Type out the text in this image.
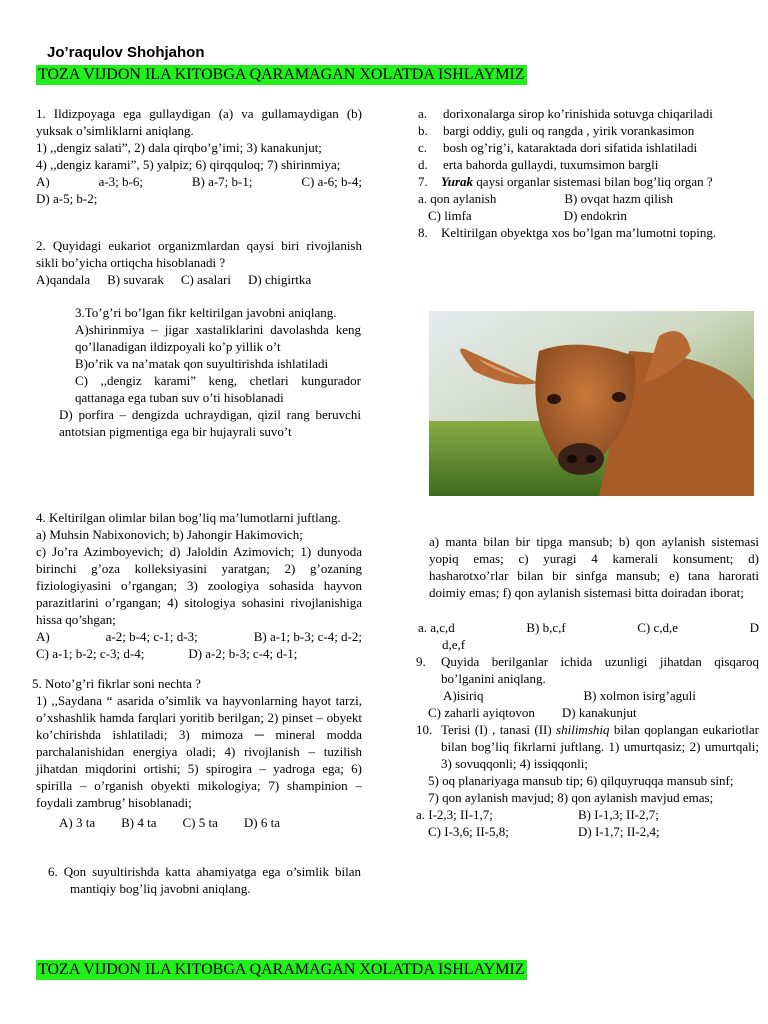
Jo’raqulov Shohjahon
TOZA VIJDON ILA KITOBGA QARAMAGAN XOLATDA ISHLAYMIZ
1. Ildizpoyaga ega gullaydigan (a) va gullamaydigan (b) yuksak o’simliklarni aniqlang.
1) ,,dengiz salati”, 2) dala qirqbo’g’imi; 3) kanakunjut;
4) ,,dengiz karami”, 5) yalpiz; 6) qirqquloq; 7) shirinmiya;
A)	a-3; b-6;	B) a-7; b-1;	C) a-6; b-4;
D) a-5; b-2;
2. Quyidagi eukariot organizmlardan qaysi biri rivojlanish sikli bo’yicha ortiqcha hisoblanadi ?
A)qandala B) suvarak C) asalari D) chigirtka
3.To’g’ri bo’lgan fikr keltirilgan javobni aniqlang.
A)shirinmiya – jigar xastaliklarini davolashda keng qo’llanadigan ildizpoyali ko’p yillik o’t
B)o’rik va na’matak qon suyultirishda ishlatiladi
C) ,,dengiz karami” keng, chetlari kungurador qattanaga ega tuban suv o’ti hisoblanadi
D) porfira – dengizda uchraydigan, qizil rang beruvchi antotsian pigmentiga ega bir hujayrali suvo’t
4. Keltirilgan olimlar bilan bog’liq ma’lumotlarni juftlang.
a) Muhsin Nabixonovich; b) Jahongir Hakimovich;
c) Jo’ra Azimboyevich; d) Jaloldin Azimovich; 1) dunyoda birinchi g’oza kolleksiyasini yaratgan; 2) g’ozaning fiziologiyasini o’rgangan; 3) zoologiya sohasida hayvon parazitlarini o’rgangan; 4) sitologiya sohasini rivojlanishiga hissa qo’shgan;
A)	a-2; b-4; c-1; d-3;	B) a-1; b-3; c-4; d-2;
C) a-1; b-2; c-3; d-4;	D) a-2; b-3; c-4; d-1;
5. Noto’g’ri fikrlar soni nechta ?
1) ,,Saydana “ asarida o’simlik va hayvonlarning hayot tarzi, o’xshashlik hamda farqlari yoritib berilgan; 2) pinset – obyekt ko’chirishda ishlatiladi; 3) mimoza ─ mineral modda parchalanishidan energiya oladi; 4) rivojlanish – tuzilish jihatdan miqdorini ortishi; 5) spirogira – yadroga ega; 6) spirilla – o’rganish obyekti mikologiya; 7) shampinion – foydali zambrug’ hisoblanadi;
A) 3 ta B) 4 ta C) 5 ta D) 6 ta
6. Qon suyultirishda katta ahamiyatga ega o’simlik bilan mantiqiy bog’liq javobni aniqlang.
a.	dorixonalarga sirop ko’rinishida sotuvga chiqariladi
b.	bargi oddiy, guli oq rangda , yirik vorankasimon
c.	bosh og’rig’i, kataraktada dori sifatida ishlatiladi
d.	erta bahorda gullaydi, tuxumsimon bargli
7.	Yurak qaysi organlar sistemasi bilan bog’liq organ ?
a. qon aylanish	B) ovqat hazm qilish
C) limfa	D) endokrin
8.	Keltirilgan obyektga xos bo’lgan ma’lumotni toping.
a) manta bilan bir tipga mansub; b) qon aylanish sistemasi yopiq emas; c) yuragi 4 kamerali konsument; d) hasharotxo’rlar bilan bir sinfga mansub; e) tana harorati doimiy emas; f) qon aylanish sistemasi bitta doiradan iborat;
a. a,c,d	B) b,c,f	C) c,d,e	D
d,e,f
9.	Quyida berilganlar ichida uzunligi jihatdan qisqaroq bo’lganini aniqlang.
A)isiriq	B) xolmon isirg’aguli
C) zaharli ayiqtovon D) kanakunjut
10. Terisi (I) , tanasi (II) shilimshiq bilan qoplangan eukariotlar bilan bog’liq fikrlarni juftlang. 1) umurtqasiz; 2) umurtqali; 3) sovuqqonli; 4) issiqqonli;
5) oq planariyaga mansub tip; 6) qilquyruqqa mansub sinf;
7) qon aylanish mavjud; 8) qon aylanish mavjud emas;
a. I-2,3; II-1,7;	B) I-1,3; II-2,7;
C) I-3,6; II-5,8;	D) I-1,7; II-2,4;
TOZA VIJDON ILA KITOBGA QARAMAGAN XOLATDA ISHLAYMIZ
